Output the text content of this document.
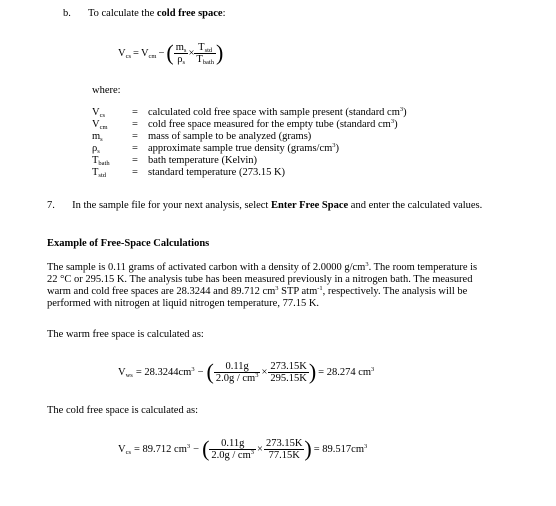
b. To calculate the cold free space:
$V_{cs} = V_{cm}$ − ( $\frac{m_s}{\rho_s} \times \frac{T_{std}}{T_{bath}}$ )
where:
$V_{cs}$	= calculated cold free space with sample present (standard $cm^3$)
$V_{cm}$ = cold free space measured for the empty tube (standard $cm^3$)
$m_s$	= mass of sample to be analyzed (grams)
$\rho_s$	= approximate sample true density $(grams/cm^3)$
$T_{bath}$ = bath temperature (Kelvin)
$T_{std}$ = standard temperature (273.15 K)
7. In the sample file for your next analysis, select Enter Free Space and enter the calculated values.
Example of Free-Space Calculations
The sample is 0.11 grams of activated carbon with a density of 2.0000 $g/cm^3$. The room temperature is
22 °C or 295.15 K. The analysis tube has been measured previously in a nitrogen bath. The measured
warm and cold free spaces are 28.3244 and 89.712 $cm^3$ STP atm$^{-1}$, respectively. The analysis will be
performed with nitrogen at liquid nitrogen temperature, 77.15 K.
The warm free space is calculated as:
$V_{ws} = 28.3244cm^3$ − ( $\frac{0.11g}{2.0g / cm^3} \times \frac{273.15K}{295.15K}$ ) = 28.274 $cm^3$
The cold free space is calculated as:
$V_{cs} = 89.712$ $cm^3$ − ( $\frac{0.11g}{2.0g / cm^3} \times \frac{273.15K}{77.15K}$ ) = $89.517cm^3$
